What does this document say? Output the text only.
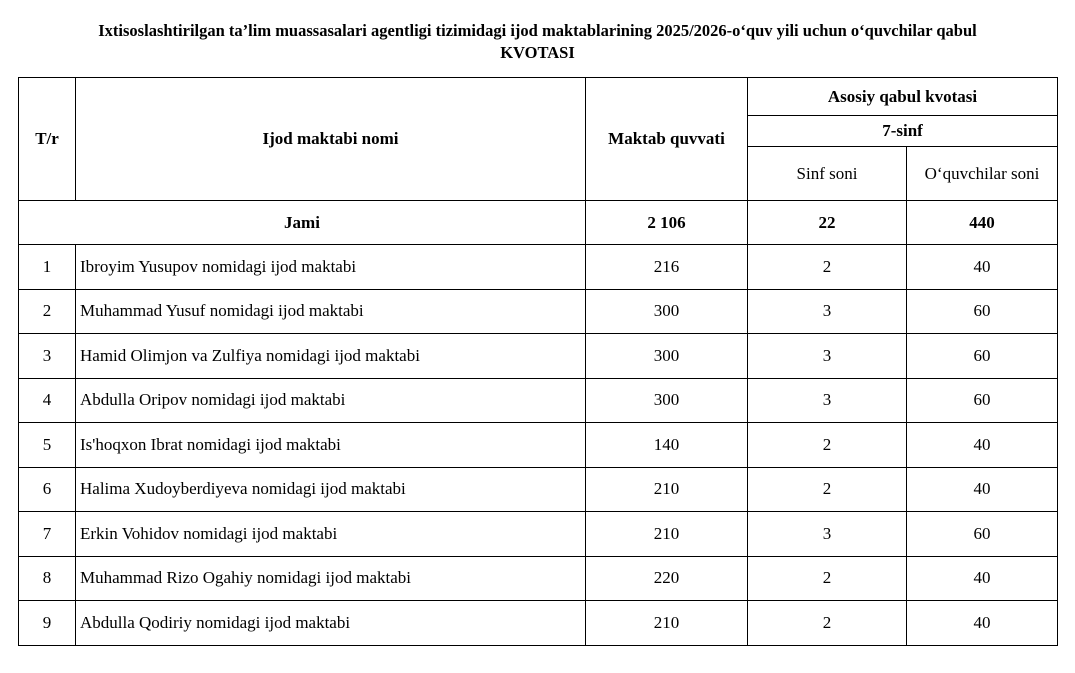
Ixtisoslashtirilgan ta’lim muassasalari agentligi tizimidagi ijod maktablarining 2025/2026-o‘quv yili uchun o‘quvchilar qabul
KVOTASI
T/r	Ijod maktabi nomi	Maktab quvvati	Asosiy qabul kvotasi	
			7-sinf	
			Sinf soni	O‘quvchilar soni
Jami		2 106	22	440
1	Ibroyim Yusupov nomidagi ijod maktabi	216	2	40
2	Muhammad Yusuf nomidagi ijod maktabi	300	3	60
3	Hamid Olimjon va Zulfiya nomidagi ijod maktabi	300	3	60
4	Abdulla Oripov nomidagi ijod maktabi	300	3	60
5	Is'hoqxon Ibrat nomidagi ijod maktabi	140	2	40
6	Halima Xudoyberdiyeva nomidagi ijod maktabi	210	2	40
7	Erkin Vohidov nomidagi ijod maktabi	210	3	60
8	Muhammad Rizo Ogahiy nomidagi ijod maktabi	220	2	40
9	Abdulla Qodiriy nomidagi ijod maktabi	210	2	40
